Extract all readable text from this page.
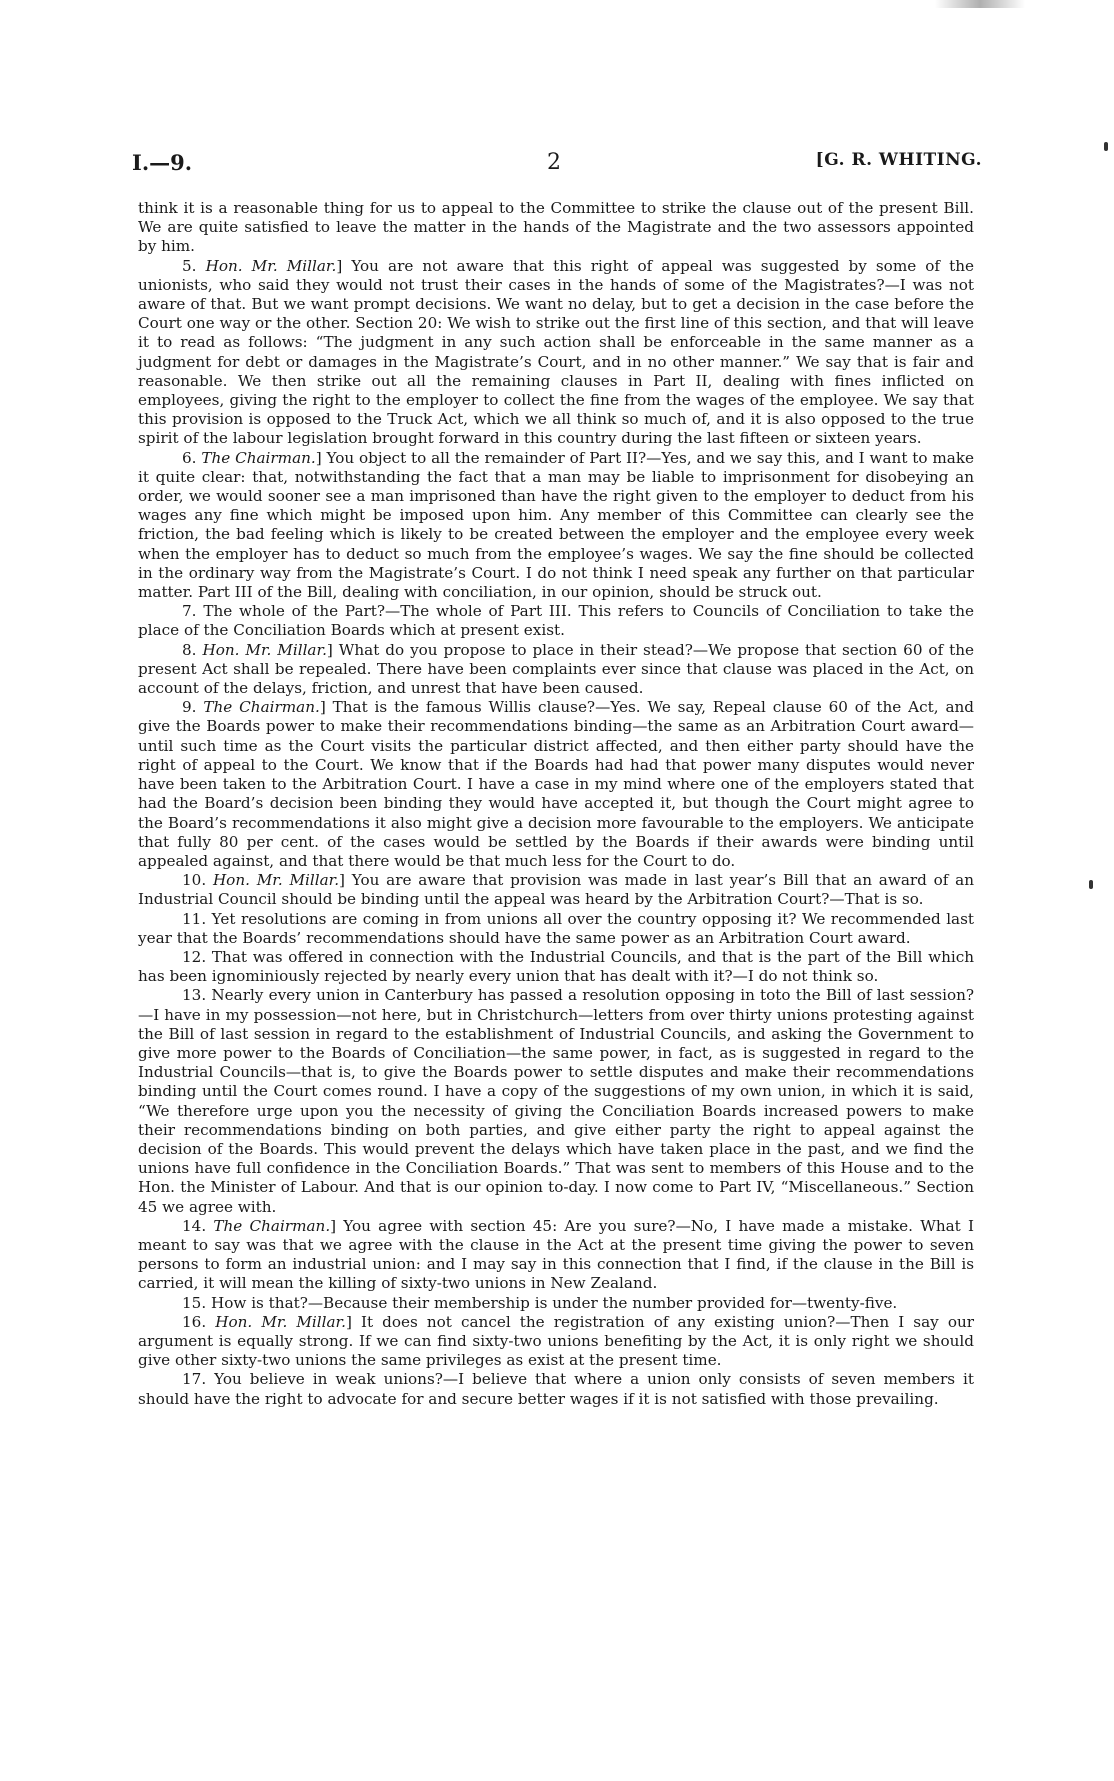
I.—9.	2	[G. R. WHITING.

think it is a reasonable thing for us to appeal to the Committee to strike the clause out of the present Bill. We are quite satisfied to leave the matter in the hands of the Magistrate and the two assessors appointed by him.

5. Hon. Mr. Millar.] You are not aware that this right of appeal was suggested by some of the unionists, who said they would not trust their cases in the hands of some of the Magistrates?—I was not aware of that. But we want prompt decisions. We want no delay, but to get a decision in the case before the Court one way or the other. Section 20: We wish to strike out the first line of this section, and that will leave it to read as follows: “The judgment in any such action shall be enforceable in the same manner as a judgment for debt or damages in the Magistrate’s Court, and in no other manner.” We say that is fair and reasonable. We then strike out all the remaining clauses in Part II, dealing with fines inflicted on employees, giving the right to the employer to collect the fine from the wages of the employee. We say that this provision is opposed to the Truck Act, which we all think so much of, and it is also opposed to the true spirit of the labour legislation brought forward in this country during the last fifteen or sixteen years.

6. The Chairman.] You object to all the remainder of Part II?—Yes, and we say this, and I want to make it quite clear: that, notwithstanding the fact that a man may be liable to imprisonment for disobeying an order, we would sooner see a man imprisoned than have the right given to the employer to deduct from his wages any fine which might be imposed upon him. Any member of this Committee can clearly see the friction, the bad feeling which is likely to be created between the employer and the employee every week when the employer has to deduct so much from the employee’s wages. We say the fine should be collected in the ordinary way from the Magistrate’s Court. I do not think I need speak any further on that particular matter. Part III of the Bill, dealing with conciliation, in our opinion, should be struck out.

7. The whole of the Part?—The whole of Part III. This refers to Councils of Conciliation to take the place of the Conciliation Boards which at present exist.

8. Hon. Mr. Millar.] What do you propose to place in their stead?—We propose that section 60 of the present Act shall be repealed. There have been complaints ever since that clause was placed in the Act, on account of the delays, friction, and unrest that have been caused.

9. The Chairman.] That is the famous Willis clause?—Yes. We say, Repeal clause 60 of the Act, and give the Boards power to make their recommendations binding—the same as an Arbitration Court award—until such time as the Court visits the particular district affected, and then either party should have the right of appeal to the Court. We know that if the Boards had had that power many disputes would never have been taken to the Arbitration Court. I have a case in my mind where one of the employers stated that had the Board’s decision been binding they would have accepted it, but though the Court might agree to the Board’s recommendations it also might give a decision more favourable to the employers. We anticipate that fully 80 per cent. of the cases would be settled by the Boards if their awards were binding until appealed against, and that there would be that much less for the Court to do.

10. Hon. Mr. Millar.] You are aware that provision was made in last year’s Bill that an award of an Industrial Council should be binding until the appeal was heard by the Arbitration Court?—That is so.

11. Yet resolutions are coming in from unions all over the country opposing it? We recommended last year that the Boards’ recommendations should have the same power as an Arbitration Court award.

12. That was offered in connection with the Industrial Councils, and that is the part of the Bill which has been ignominiously rejected by nearly every union that has dealt with it?—I do not think so.

13. Nearly every union in Canterbury has passed a resolution opposing in toto the Bill of last session?—I have in my possession—not here, but in Christchurch—letters from over thirty unions protesting against the Bill of last session in regard to the establishment of Industrial Councils, and asking the Government to give more power to the Boards of Conciliation—the same power, in fact, as is suggested in regard to the Industrial Councils—that is, to give the Boards power to settle disputes and make their recommendations binding until the Court comes round. I have a copy of the suggestions of my own union, in which it is said, “We therefore urge upon you the necessity of giving the Conciliation Boards increased powers to make their recommendations binding on both parties, and give either party the right to appeal against the decision of the Boards. This would prevent the delays which have taken place in the past, and we find the unions have full confidence in the Conciliation Boards.” That was sent to members of this House and to the Hon. the Minister of Labour. And that is our opinion to-day. I now come to Part IV, “Miscellaneous.” Section 45 we agree with.

14. The Chairman.] You agree with section 45: Are you sure?—No, I have made a mistake. What I meant to say was that we agree with the clause in the Act at the present time giving the power to seven persons to form an industrial union: and I may say in this connection that I find, if the clause in the Bill is carried, it will mean the killing of sixty-two unions in New Zealand.

15. How is that?—Because their membership is under the number provided for—twenty-five.

16. Hon. Mr. Millar.] It does not cancel the registration of any existing union?—Then I say our argument is equally strong. If we can find sixty-two unions benefiting by the Act, it is only right we should give other sixty-two unions the same privileges as exist at the present time.

17. You believe in weak unions?—I believe that where a union only consists of seven members it should have the right to advocate for and secure better wages if it is not satisfied with those prevailing.
